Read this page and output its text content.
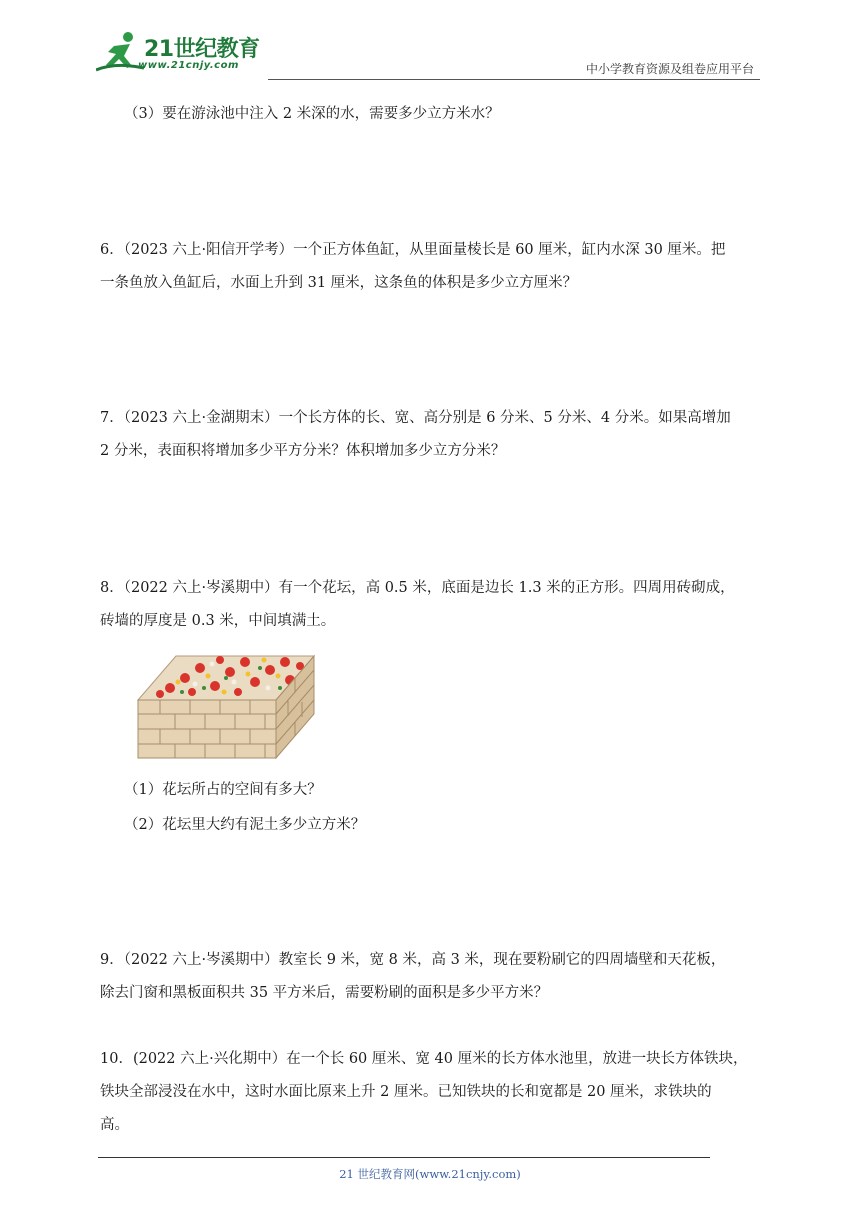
21世纪教育
www.21cnjy.com	中小学教育资源及组卷应用平台
（3）要在游泳池中注入 2 米深的水，需要多少立方米水？
6．（2023 六上·阳信开学考）一个正方体鱼缸，从里面量棱长是 60 厘米，缸内水深 30 厘米。把
一条鱼放入鱼缸后，水面上升到 31 厘米，这条鱼的体积是多少立方厘米？
7．（2023 六上·金湖期末）一个长方体的长、宽、高分别是 6 分米、5 分米、4 分米。如果高增加
2 分米，表面积将增加多少平方分米？体积增加多少立方分米？
8．（2022 六上·岑溪期中）有一个花坛，高 0.5 米，底面是边长 1.3 米的正方形。四周用砖砌成，
砖墙的厚度是 0.3 米，中间填满土。
（1）花坛所占的空间有多大？
（2）花坛里大约有泥土多少立方米？
9．（2022 六上·岑溪期中）教室长 9 米，宽 8 米，高 3 米，现在要粉刷它的四周墙壁和天花板，
除去门窗和黑板面积共 35 平方米后，需要粉刷的面积是多少平方米？
10．(2022 六上·兴化期中）在一个长 60 厘米、宽 40 厘米的长方体水池里，放进一块长方体铁块，
铁块全部浸没在水中，这时水面比原来上升 2 厘米。已知铁块的长和宽都是 20 厘米，求铁块的
高。
21 世纪教育网(www.21cnjy.com)
